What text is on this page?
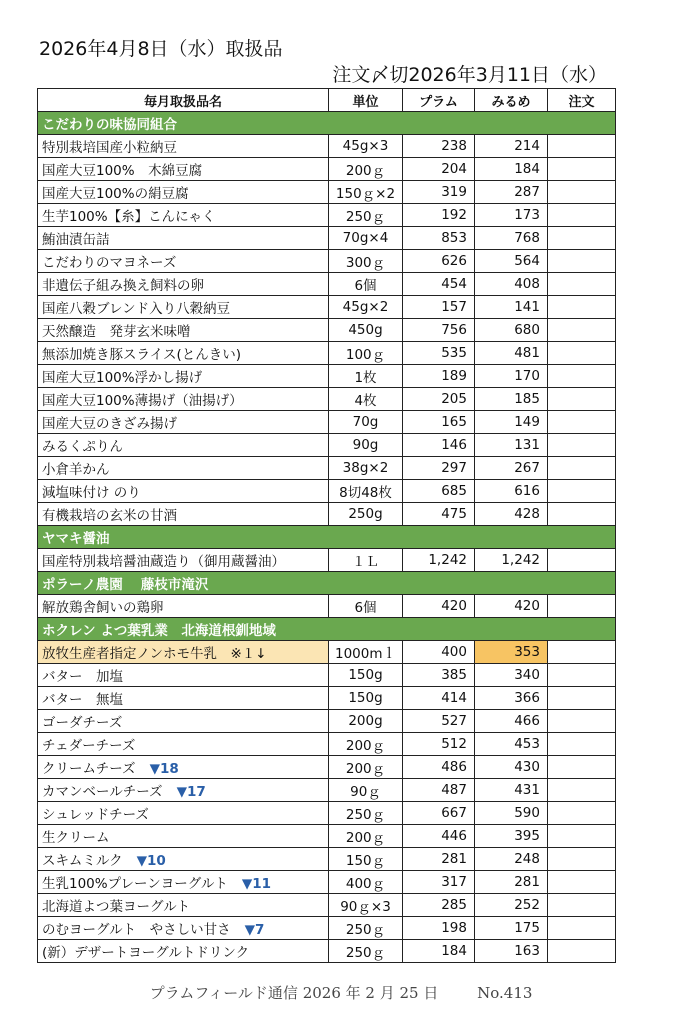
2026年4月8日（水）取扱品
注文〆切2026年3月11日（水）
毎月取扱品名	単位	プラム	みるめ	注文
こだわりの味協同組合				
特別栽培国産小粒納豆	45g×3	238	214	
国産大豆100%　木綿豆腐	200ｇ	204	184	
国産大豆100%の絹豆腐	150ｇ×2	319	287	
生芋100%【糸】こんにゃく	250ｇ	192	173	
鮪油漬缶詰	70g×4	853	768	
こだわりのマヨネーズ	300ｇ	626	564	
非遺伝子組み換え飼料の卵	6個	454	408	
国産八穀ブレンド入り八穀納豆	45g×2	157	141	
天然醸造　発芽玄米味噌	450g	756	680	
無添加焼き豚スライス(とんきい)	100ｇ	535	481	
国産大豆100%浮かし揚げ	1枚	189	170	
国産大豆100%薄揚げ（油揚げ）	4枚	205	185	
国産大豆のきざみ揚げ	70g	165	149	
みるくぷりん	90g	146	131	
小倉羊かん	38g×2	297	267	
減塩味付け のり	8切48枚	685	616	
有機栽培の玄米の甘酒	250g	475	428	
ヤマキ醤油				
国産特別栽培醤油蔵造り（御用蔵醤油）	１Ｌ	1,242	1,242	
ポラーノ農園　 藤枝市滝沢				
解放鶏舎飼いの鶏卵	6個	420	420	
ホクレン よつ葉乳業　北海道根釧地域				
放牧生産者指定ノンホモ牛乳　※１↓	1000mｌ	400	353	
バター　加塩	150g	385	340	
バター　無塩	150g	414	366	
ゴーダチーズ	200g	527	466	
チェダーチーズ	200ｇ	512	453	
クリームチーズ ▼18	200ｇ	486	430	
カマンベールチーズ ▼17	90ｇ	487	431	
シュレッドチーズ	250ｇ	667	590	
生クリーム	200ｇ	446	395	
スキムミルク ▼10	150ｇ	281	248	
生乳100%プレーンヨーグルト ▼11	400ｇ	317	281	
北海道よつ葉ヨーグルト	90ｇ×3	285	252	
のむヨーグルト　やさしい甘さ ▼7	250ｇ	198	175	
(新）デザートヨーグルトドリンク	250ｇ	184	163	
プラムフィールド通信 2026 年 2 月 25 日	No.413
